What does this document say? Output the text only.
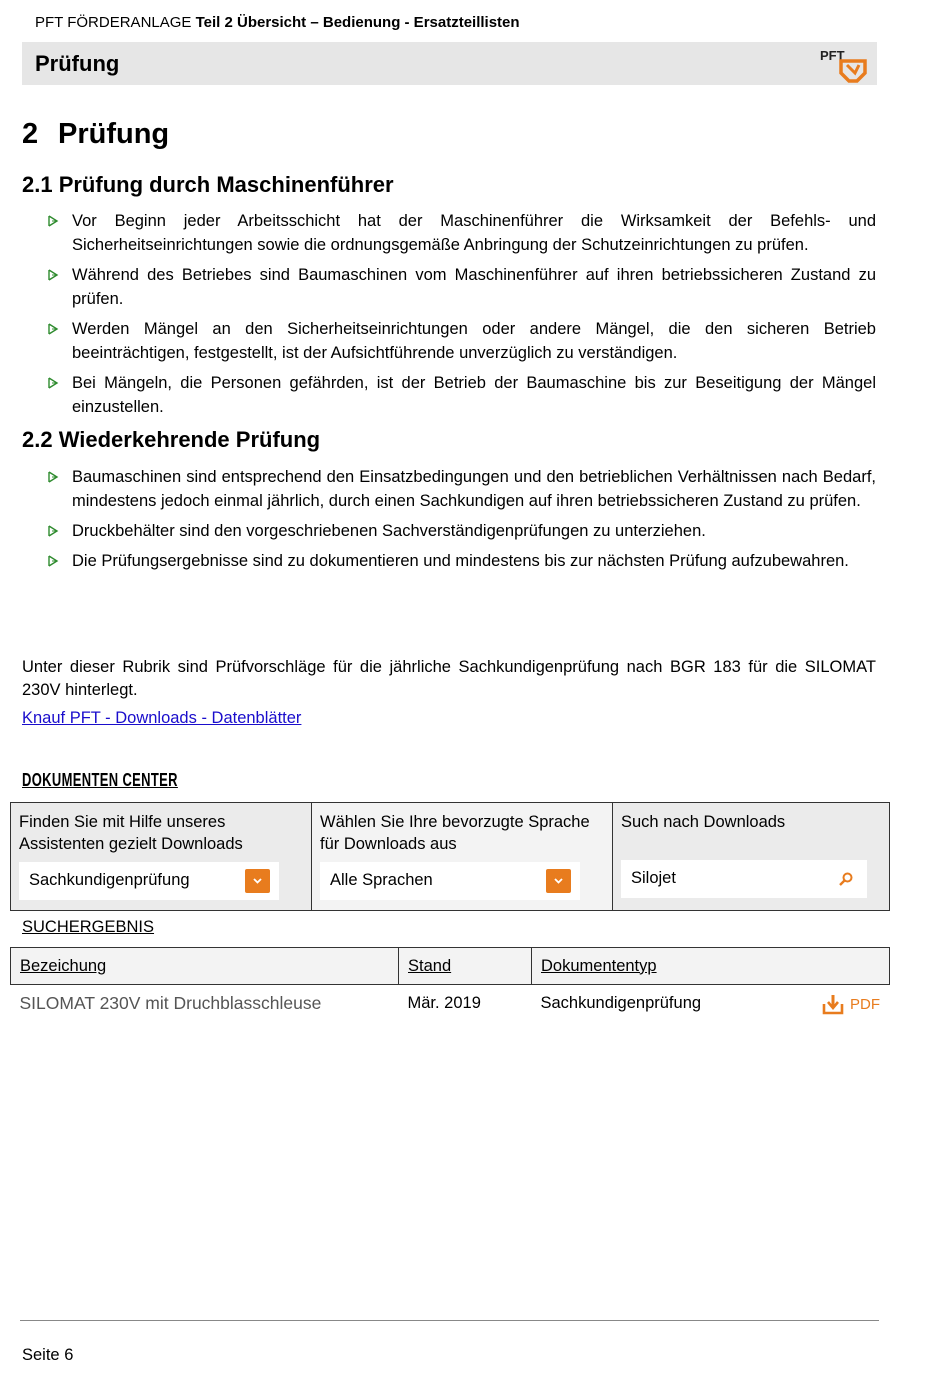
PFT FÖRDERANLAGE Teil 2 Übersicht – Bedienung - Ersatzteillisten
Prüfung	PFT
2 Prüfung
2.1 Prüfung durch Maschinenführer
Vor Beginn jeder Arbeitsschicht hat der Maschinenführer die Wirksamkeit der Befehls- und Sicherheitseinrichtungen sowie die ordnungsgemäße Anbringung der Schutzeinrichtungen zu prüfen.
Während des Betriebes sind Baumaschinen vom Maschinenführer auf ihren betriebssicheren Zustand zu prüfen.
Werden Mängel an den Sicherheitseinrichtungen oder andere Mängel, die den sicheren Betrieb beeinträchtigen, festgestellt, ist der Aufsichtführende unverzüglich zu verständigen.
Bei Mängeln, die Personen gefährden, ist der Betrieb der Baumaschine bis zur Beseitigung der Mängel einzustellen.
2.2 Wiederkehrende Prüfung
Baumaschinen sind entsprechend den Einsatzbedingungen und den betrieblichen Verhältnissen nach Bedarf, mindestens jedoch einmal jährlich, durch einen Sachkundigen auf ihren betriebssicheren Zustand zu prüfen.
Druckbehälter sind den vorgeschriebenen Sachverständigenprüfungen zu unterziehen.
Die Prüfungsergebnisse sind zu dokumentieren und mindestens bis zur nächsten Prüfung aufzubewahren.
Unter dieser Rubrik sind Prüfvorschläge für die jährliche Sachkundigenprüfung nach BGR 183 für die SILOMAT 230V hinterlegt.
Knauf PFT - Downloads - Datenblätter
DOKUMENTEN CENTER
Finden Sie mit Hilfe unseres Assistenten gezielt Downloads
Sachkundigenprüfung
Wählen Sie Ihre bevorzugte Sprache für Downloads aus
Alle Sprachen
Such nach Downloads
Silojet
SUCHERGEBNIS
Bezeichung	Stand	Dokumententyp
SILOMAT 230V mit Druchblasschleuse	Mär. 2019	Sachkundigenprüfung	PDF
Seite 6
